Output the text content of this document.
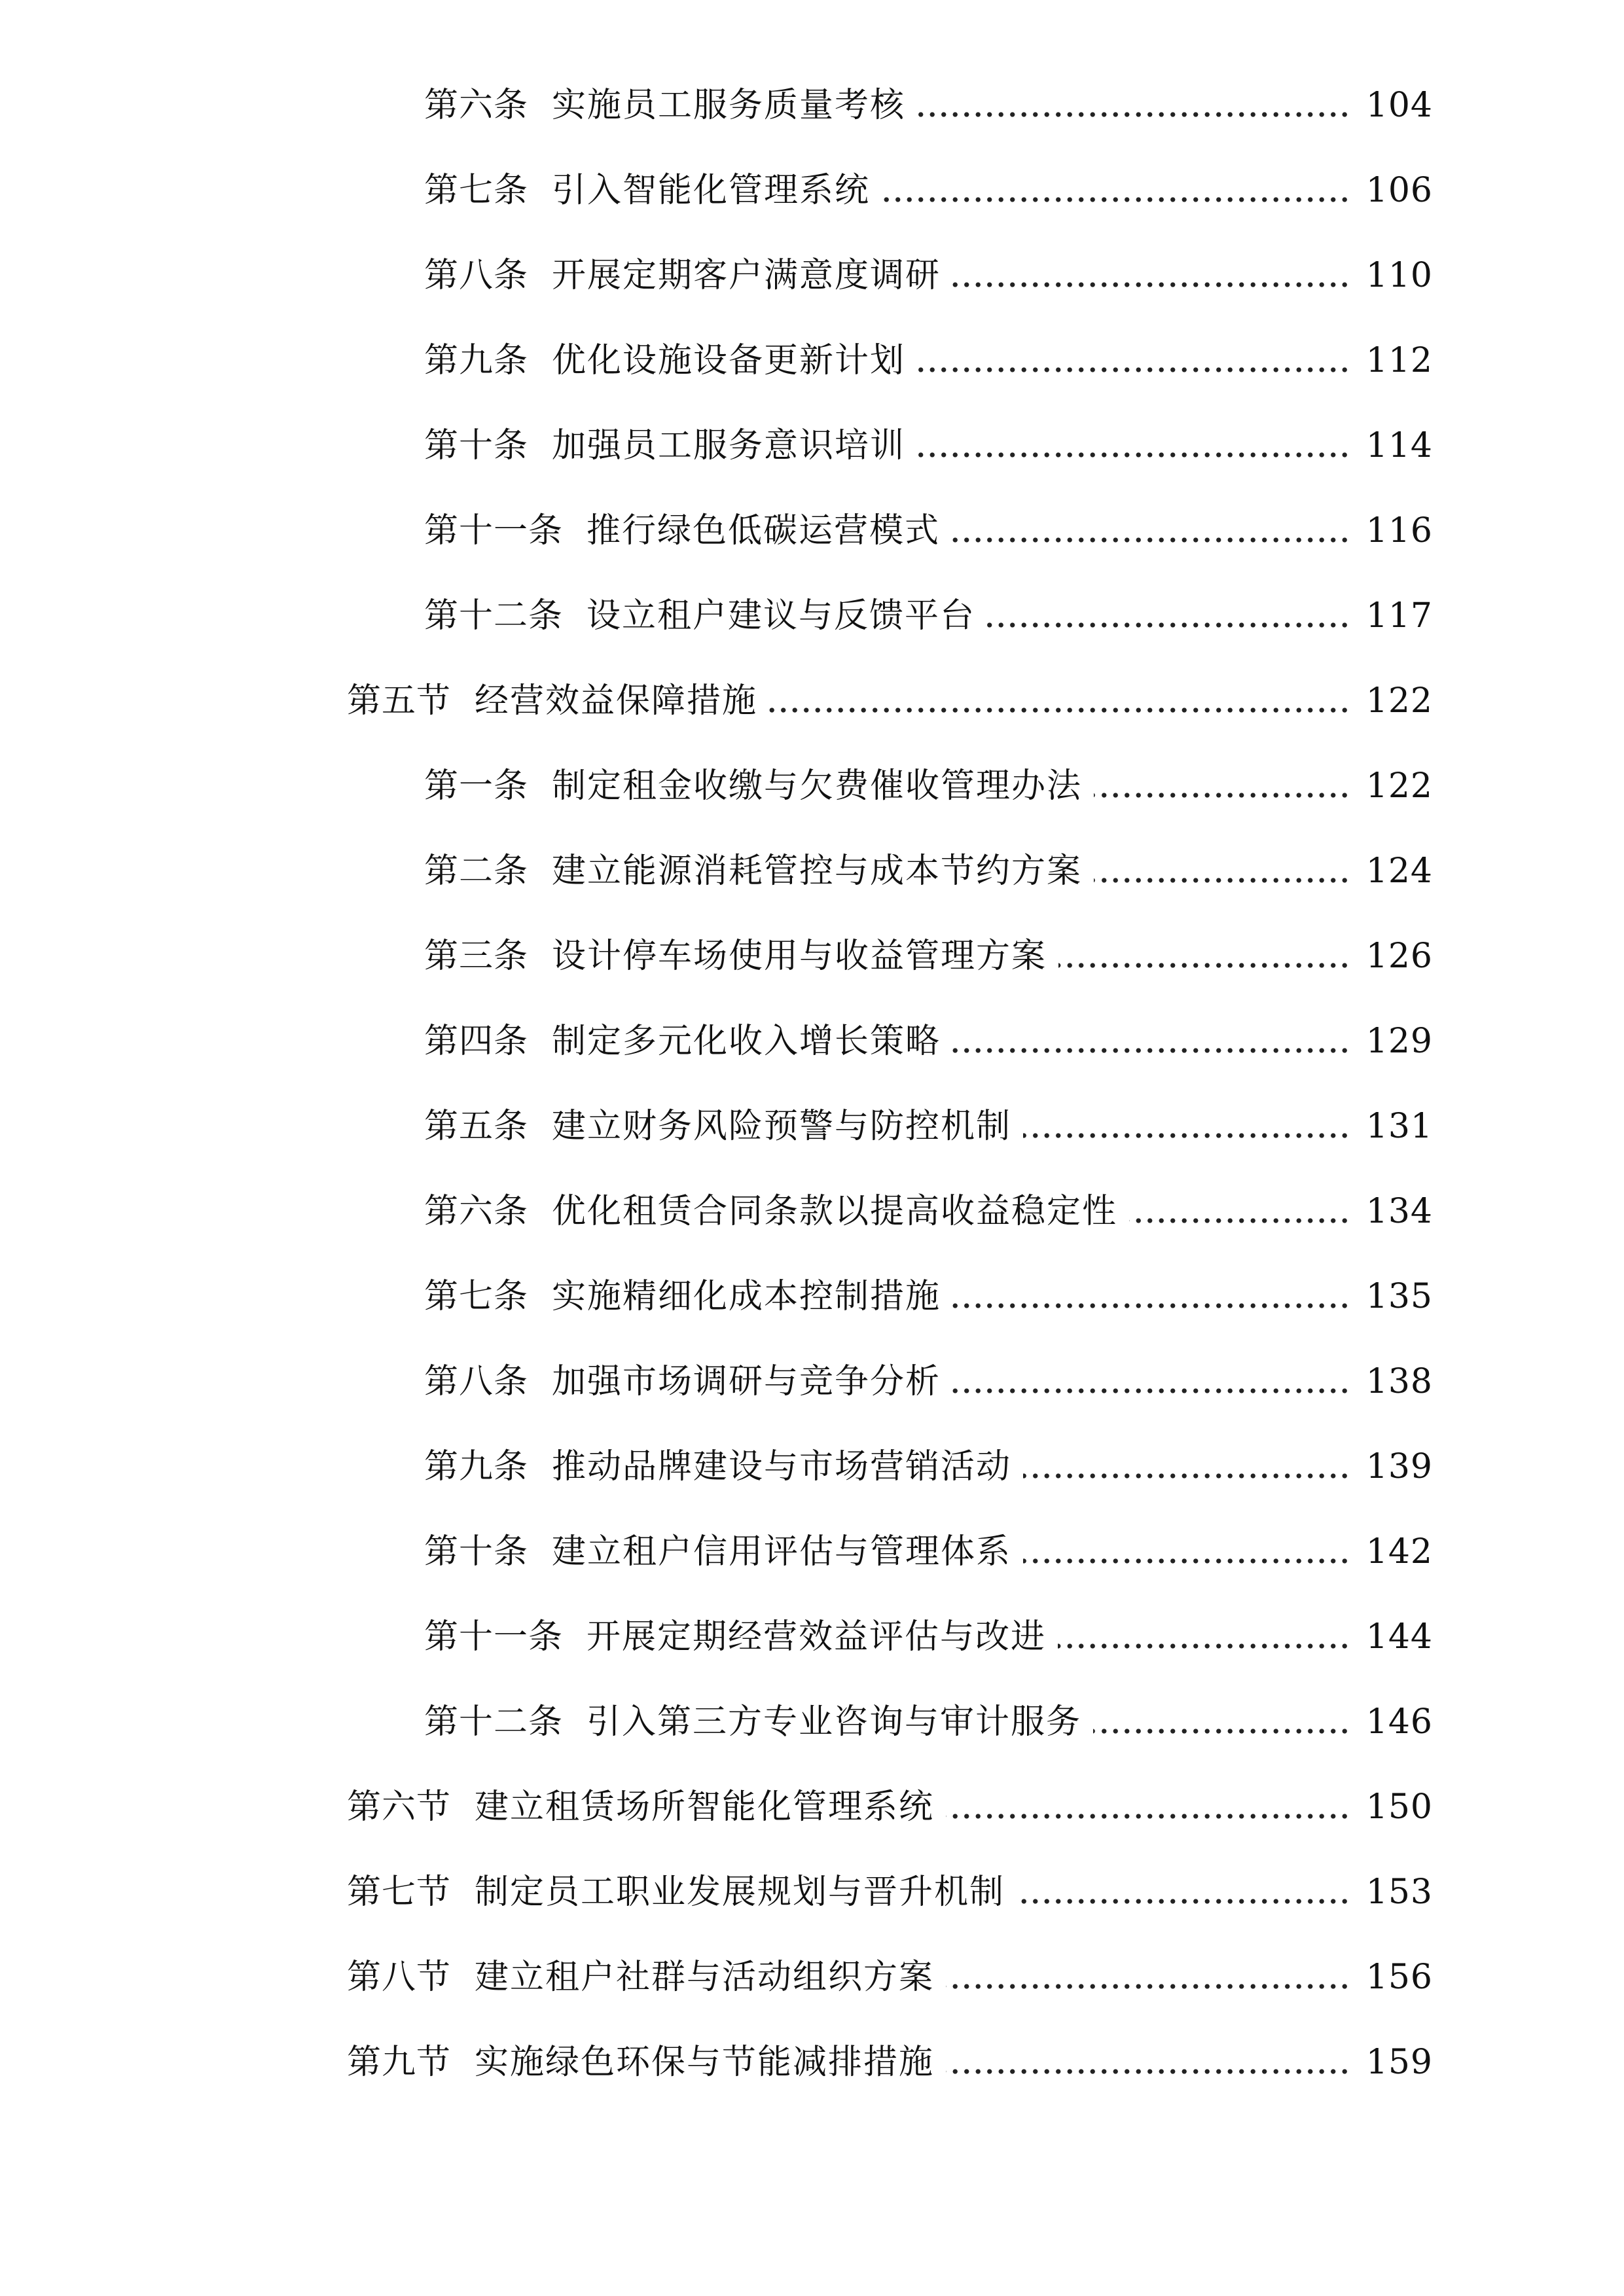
第六条 实施员工服务质量考核	104
第七条 引入智能化管理系统	106
第八条 开展定期客户满意度调研	110
第九条 优化设施设备更新计划	112
第十条 加强员工服务意识培训	114
第十一条 推行绿色低碳运营模式	116
第十二条 设立租户建议与反馈平台	117
第五节 经营效益保障措施	122
第一条 制定租金收缴与欠费催收管理办法	122
第二条 建立能源消耗管控与成本节约方案	124
第三条 设计停车场使用与收益管理方案	126
第四条 制定多元化收入增长策略	129
第五条 建立财务风险预警与防控机制	131
第六条 优化租赁合同条款以提高收益稳定性	134
第七条 实施精细化成本控制措施	135
第八条 加强市场调研与竞争分析	138
第九条 推动品牌建设与市场营销活动	139
第十条 建立租户信用评估与管理体系	142
第十一条 开展定期经营效益评估与改进	144
第十二条 引入第三方专业咨询与审计服务	146
第六节 建立租赁场所智能化管理系统	150
第七节 制定员工职业发展规划与晋升机制	153
第八节 建立租户社群与活动组织方案	156
第九节 实施绿色环保与节能减排措施	159
